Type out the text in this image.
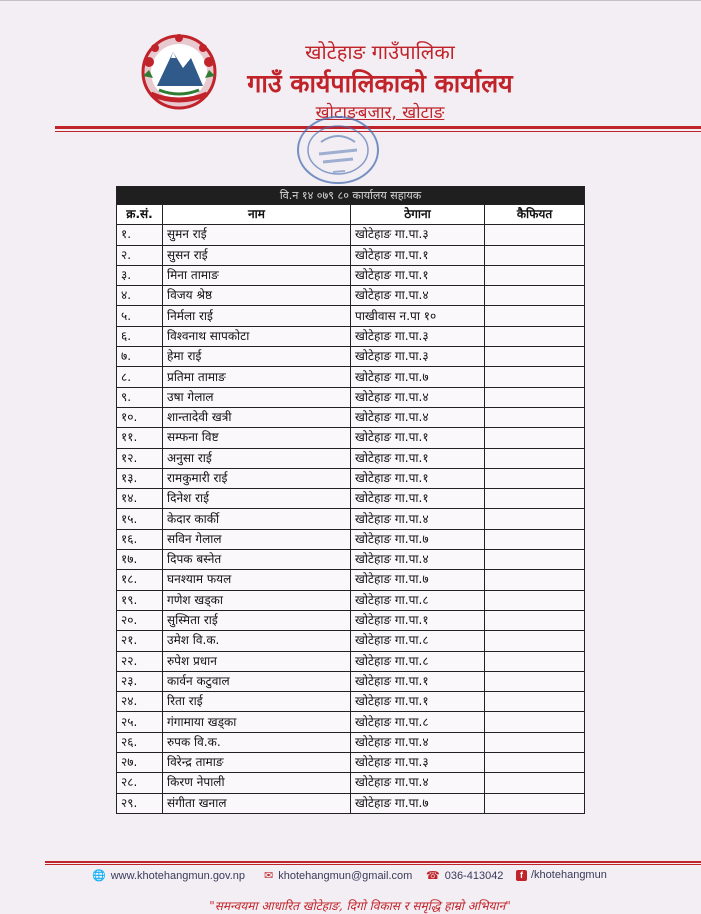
खोटेहाङ गाउँपालिका
गाउँ कार्यपालिकाको कार्यालय
खोटाङबजार, खोटाङ
वि.न १४ ०७९ ८० कार्यालय सहायक			
क्र.सं.	नाम	ठेगाना	कैफियत
१.	सुमन राई	खोटेहाङ गा.पा.३	
२.	सुसन राई	खोटेहाङ गा.पा.१	
३.	मिना तामाङ	खोटेहाङ गा.पा.१	
४.	विजय श्रेष्ठ	खोटेहाङ गा.पा.४	
५.	निर्मला राई	पाखीवास न.पा १०	
६.	विश्वनाथ सापकोटा	खोटेहाङ गा.पा.३	
७.	हेमा राई	खोटेहाङ गा.पा.३	
८.	प्रतिमा तामाङ	खोटेहाङ गा.पा.७	
९.	उषा गेलाल	खोटेहाङ गा.पा.४	
१०.	शान्तादेवी खत्री	खोटेहाङ गा.पा.४	
११.	सम्फना विष्ट	खोटेहाङ गा.पा.१	
१२.	अनुसा राई	खोटेहाङ गा.पा.१	
१३.	रामकुमारी राई	खोटेहाङ गा.पा.१	
१४.	दिनेश राई	खोटेहाङ गा.पा.१	
१५.	केदार कार्की	खोटेहाङ गा.पा.४	
१६.	सविन गेलाल	खोटेहाङ गा.पा.७	
१७.	दिपक बस्नेत	खोटेहाङ गा.पा.४	
१८.	घनश्याम फयल	खोटेहाङ गा.पा.७	
१९.	गणेश खड्का	खोटेहाङ गा.पा.८	
२०.	सुस्मिता राई	खोटेहाङ गा.पा.१	
२१.	उमेश वि.क.	खोटेहाङ गा.पा.८	
२२.	रुपेश प्रधान	खोटेहाङ गा.पा.८	
२३.	कार्वन कटुवाल	खोटेहाङ गा.पा.१	
२४.	रिता राई	खोटेहाङ गा.पा.१	
२५.	गंगामाया खड्का	खोटेहाङ गा.पा.८	
२६.	रुपक वि.क.	खोटेहाङ गा.पा.४	
२७.	विरेन्द्र तामाङ	खोटेहाङ गा.पा.३	
२८.	किरण नेपाली	खोटेहाङ गा.पा.४	
२९.	संगीता खनाल	खोटेहाङ गा.पा.७	
🌐 www.khotehangmun.gov.np ✉ khotehangmun@gmail.com ☎ 036-413042	f /khotehangmun
"समन्वयमा आधारित खोटेहाङ, दिगो विकास र समृद्धि हाम्रो अभियान"
